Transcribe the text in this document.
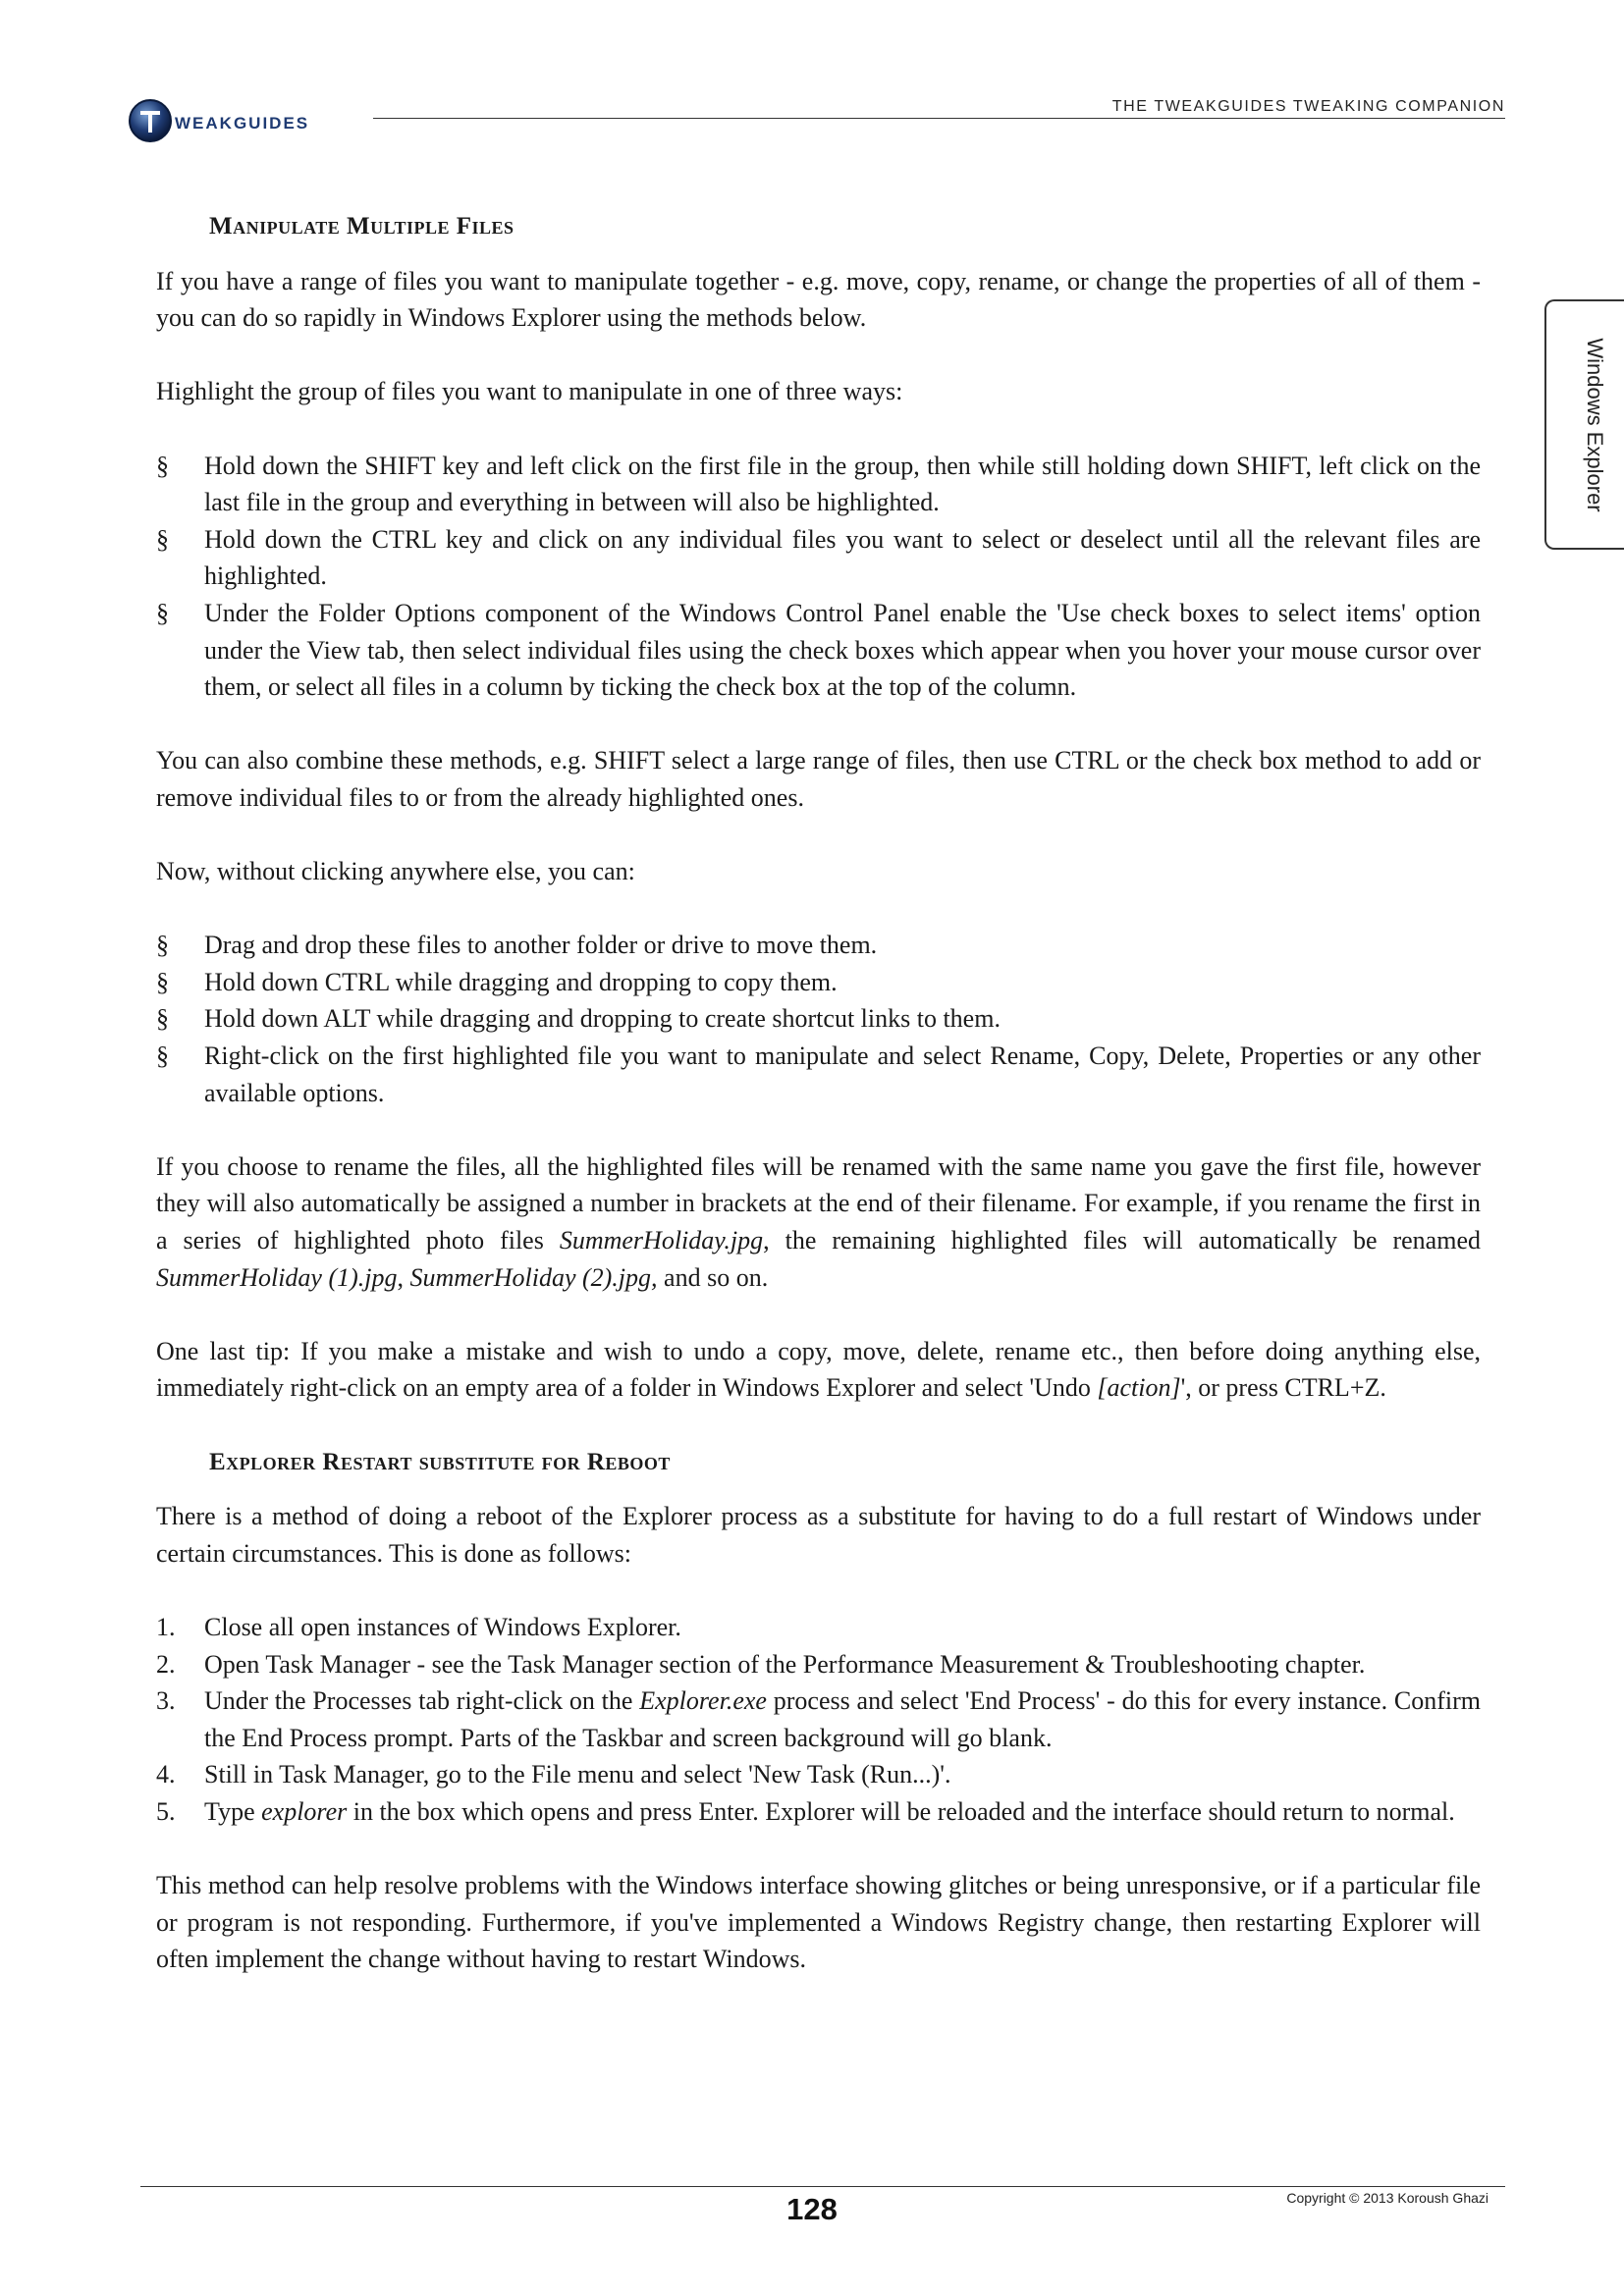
WEAKGUIDES
THE TWEAKGUIDES TWEAKING COMPANION
Windows Explorer
Manipulate Multiple Files

If you have a range of files you want to manipulate together - e.g. move, copy, rename, or change the properties of all of them - you can do so rapidly in Windows Explorer using the methods below.

Highlight the group of files you want to manipulate in one of three ways:

§ Hold down the SHIFT key and left click on the first file in the group, then while still holding down SHIFT, left click on the last file in the group and everything in between will also be highlighted.
§ Hold down the CTRL key and click on any individual files you want to select or deselect until all the relevant files are highlighted.
§ Under the Folder Options component of the Windows Control Panel enable the 'Use check boxes to select items' option under the View tab, then select individual files using the check boxes which appear when you hover your mouse cursor over them, or select all files in a column by ticking the check box at the top of the column.

You can also combine these methods, e.g. SHIFT select a large range of files, then use CTRL or the check box method to add or remove individual files to or from the already highlighted ones.

Now, without clicking anywhere else, you can:

§ Drag and drop these files to another folder or drive to move them.
§ Hold down CTRL while dragging and dropping to copy them.
§ Hold down ALT while dragging and dropping to create shortcut links to them.
§ Right-click on the first highlighted file you want to manipulate and select Rename, Copy, Delete, Properties or any other available options.

If you choose to rename the files, all the highlighted files will be renamed with the same name you gave the first file, however they will also automatically be assigned a number in brackets at the end of their filename. For example, if you rename the first in a series of highlighted photo files SummerHoliday.jpg, the remaining highlighted files will automatically be renamed SummerHoliday (1).jpg, SummerHoliday (2).jpg, and so on.

One last tip: If you make a mistake and wish to undo a copy, move, delete, rename etc., then before doing anything else, immediately right-click on an empty area of a folder in Windows Explorer and select 'Undo [action]', or press CTRL+Z.

Explorer Restart substitute for Reboot

There is a method of doing a reboot of the Explorer process as a substitute for having to do a full restart of Windows under certain circumstances. This is done as follows:

1. Close all open instances of Windows Explorer.
2. Open Task Manager - see the Task Manager section of the Performance Measurement & Troubleshooting chapter.
3. Under the Processes tab right-click on the Explorer.exe process and select 'End Process' - do this for every instance. Confirm the End Process prompt. Parts of the Taskbar and screen background will go blank.
4. Still in Task Manager, go to the File menu and select 'New Task (Run...)'.
5. Type explorer in the box which opens and press Enter. Explorer will be reloaded and the interface should return to normal.

This method can help resolve problems with the Windows interface showing glitches or being unresponsive, or if a particular file or program is not responding. Furthermore, if you've implemented a Windows Registry change, then restarting Explorer will often implement the change without having to restart Windows.

128	Copyright © 2013 Koroush Ghazi
